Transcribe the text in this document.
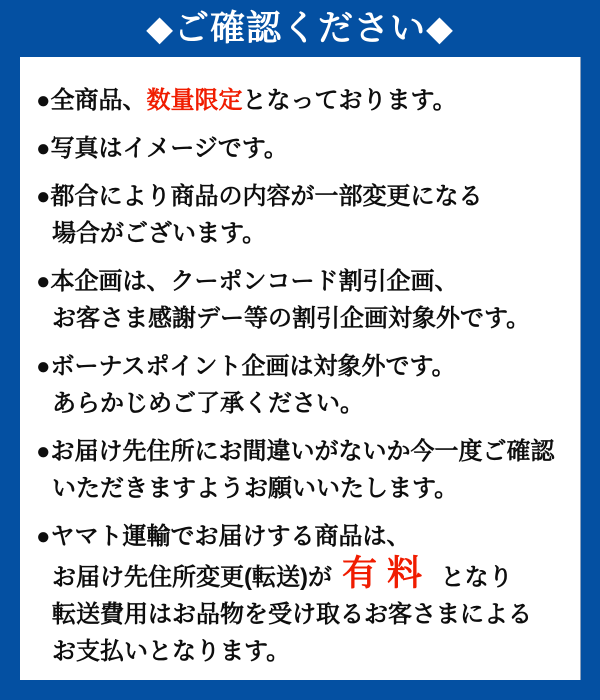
◆ご確認ください◆

●全商品、数量限定となっております。

●写真はイメージです。

●都合により商品の内容が一部変更になる
場合がございます。

●本企画は、クーポンコード割引企画、
お客さま感謝デー等の割引企画対象外です。

●ボーナスポイント企画は対象外です。
あらかじめご了承ください。

●お届け先住所にお間違いがないか今一度ご確認
いただきますようお願いいたします。

●ヤマト運輸でお届けする商品は、
お届け先住所変更(転送)が 有料 となり
転送費用はお品物を受け取るお客さまによる
お支払いとなります。
